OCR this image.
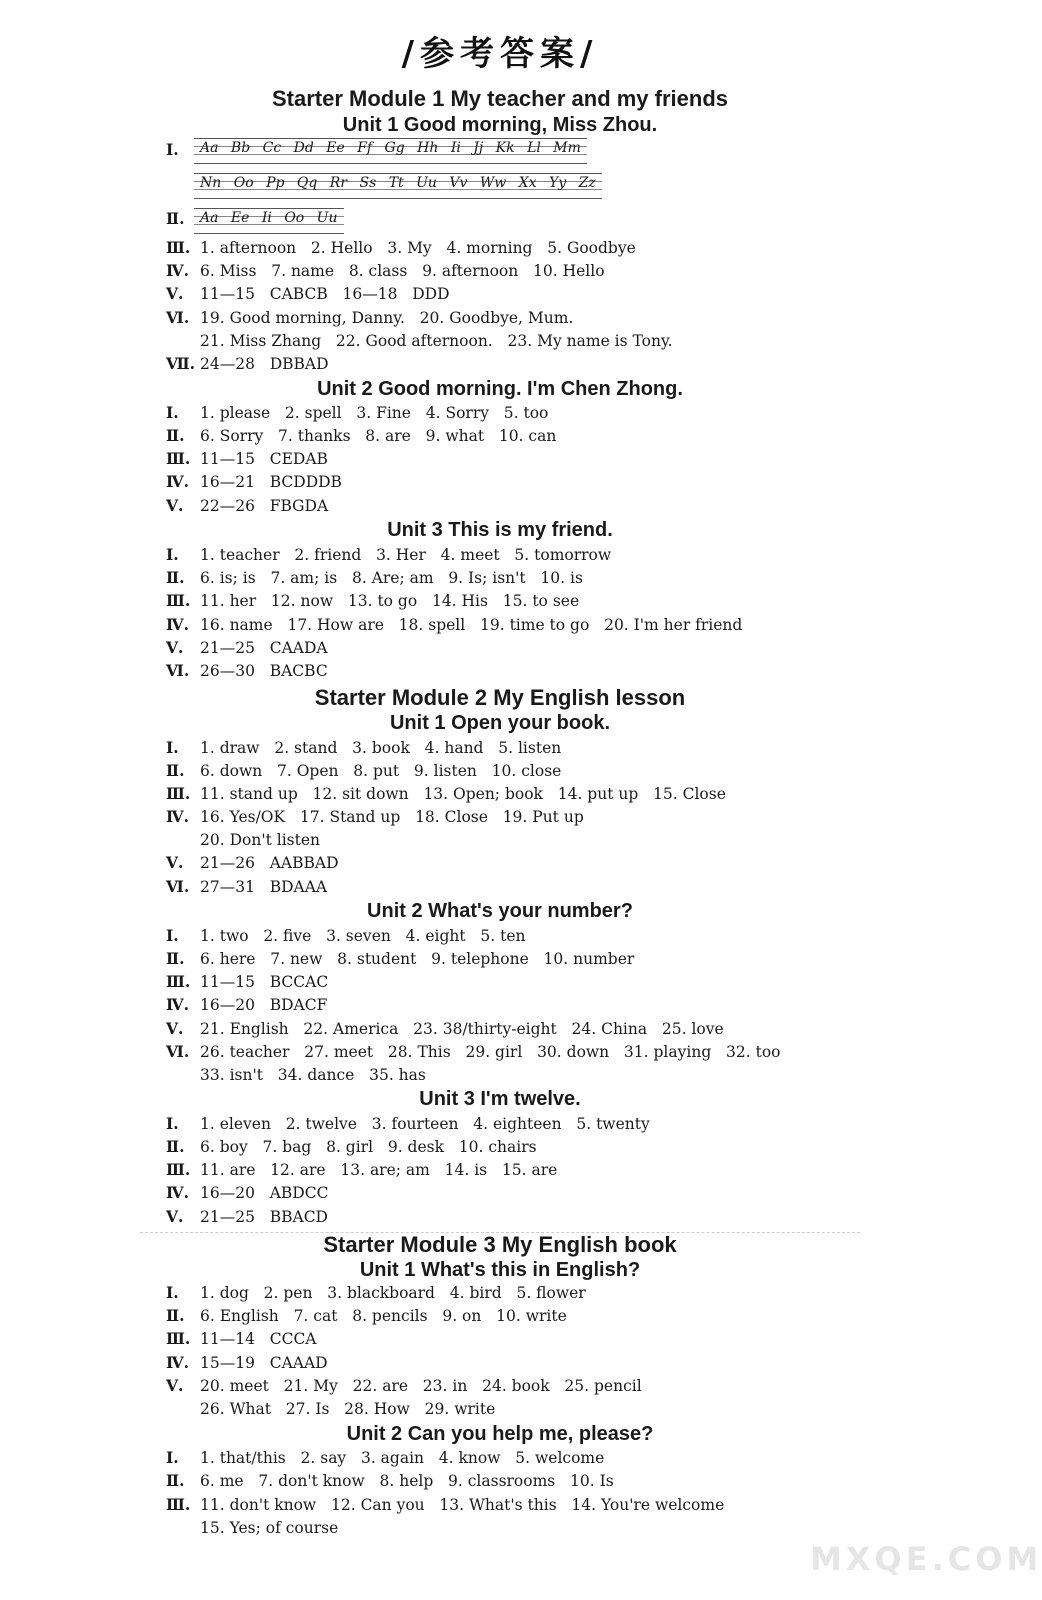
/参考答案/
Starter Module 1 My teacher and my friends
Unit 1 Good morning, Miss Zhou.
Ⅰ. Aa Bb Cc Dd Ee Ff Gg Hh Ii Jj Kk Ll Mm
Nn Oo Pp Qq Rr Ss Tt Uu Vv Ww Xx Yy Zz
Ⅱ. Aa Ee Ii Oo Uu
Ⅲ. 1. afternoon   2. Hello   3. My   4. morning   5. Goodbye
Ⅳ. 6. Miss   7. name   8. class   9. afternoon   10. Hello
Ⅴ. 11—15   CABCB   16—18   DDD
Ⅵ. 19. Good morning, Danny.   20. Goodbye, Mum.
21. Miss Zhang   22. Good afternoon.   23. My name is Tony.
Ⅶ. 24—28   DBBAD
Ⅰ. 1. please   2. spell   3. Fine   4. Sorry   5. too
Ⅱ. 6. Sorry   7. thanks   8. are   9. what   10. can
Ⅲ. 11—15   CEDAB
Ⅳ. 16—21   BCDDDB
Ⅴ. 22—26   FBGDA
Ⅰ. 1. teacher   2. friend   3. Her   4. meet   5. tomorrow
Ⅱ. 6. is; is   7. am; is   8. Are; am   9. Is; isn't   10. is
Ⅲ. 11. her   12. now   13. to go   14. His   15. to see
Ⅳ. 16. name   17. How are   18. spell   19. time to go   20. I'm her friend
Ⅴ. 21—25   CAADA
Ⅵ. 26—30   BACBC
Ⅰ. 1. draw   2. stand   3. book   4. hand   5. listen
Ⅱ. 6. down   7. Open   8. put   9. listen   10. close
Ⅲ. 11. stand up   12. sit down   13. Open; book   14. put up   15. Close
Ⅳ. 16. Yes/OK   17. Stand up   18. Close   19. Put up
20. Don't listen
Ⅴ. 21—26   AABBAD
Ⅵ. 27—31   BDAAA
Ⅰ. 1. two   2. five   3. seven   4. eight   5. ten
Ⅱ. 6. here   7. new   8. student   9. telephone   10. number
Ⅲ. 11—15   BCCAC
Ⅳ. 16—20   BDACF
Ⅴ. 21. English   22. America   23. 38/thirty-eight   24. China   25. love
Ⅵ. 26. teacher   27. meet   28. This   29. girl   30. down   31. playing   32. too
33. isn't   34. dance   35. has
Ⅰ. 1. eleven   2. twelve   3. fourteen   4. eighteen   5. twenty
Ⅱ. 6. boy   7. bag   8. girl   9. desk   10. chairs
Ⅲ. 11. are   12. are   13. are; am   14. is   15. are
Ⅳ. 16—20   ABDCC
Ⅴ. 21—25   BBACD
Ⅰ. 1. dog   2. pen   3. blackboard   4. bird   5. flower
Ⅱ. 6. English   7. cat   8. pencils   9. on   10. write
Ⅲ. 11—14   CCCA
Ⅳ. 15—19   CAAAD
Ⅴ. 20. meet   21. My   22. are   23. in   24. book   25. pencil
26. What   27. Is   28. How   29. write
Ⅰ. 1. that/this   2. say   3. again   4. know   5. welcome
Ⅱ. 6. me   7. don't know   8. help   9. classrooms   10. Is
Ⅲ. 11. don't know   12. Can you   13. What's this   14. You're welcome
15. Yes; of course
Unit 2 Good morning. I'm Chen Zhong.
Unit 3 This is my friend.
Starter Module 2 My English lesson
Unit 1 Open your book.
Unit 2 What's your number?
Unit 3 I'm twelve.
Starter Module 3 My English book
Unit 1 What's this in English?
Unit 2 Can you help me, please?
MXQE.COM
